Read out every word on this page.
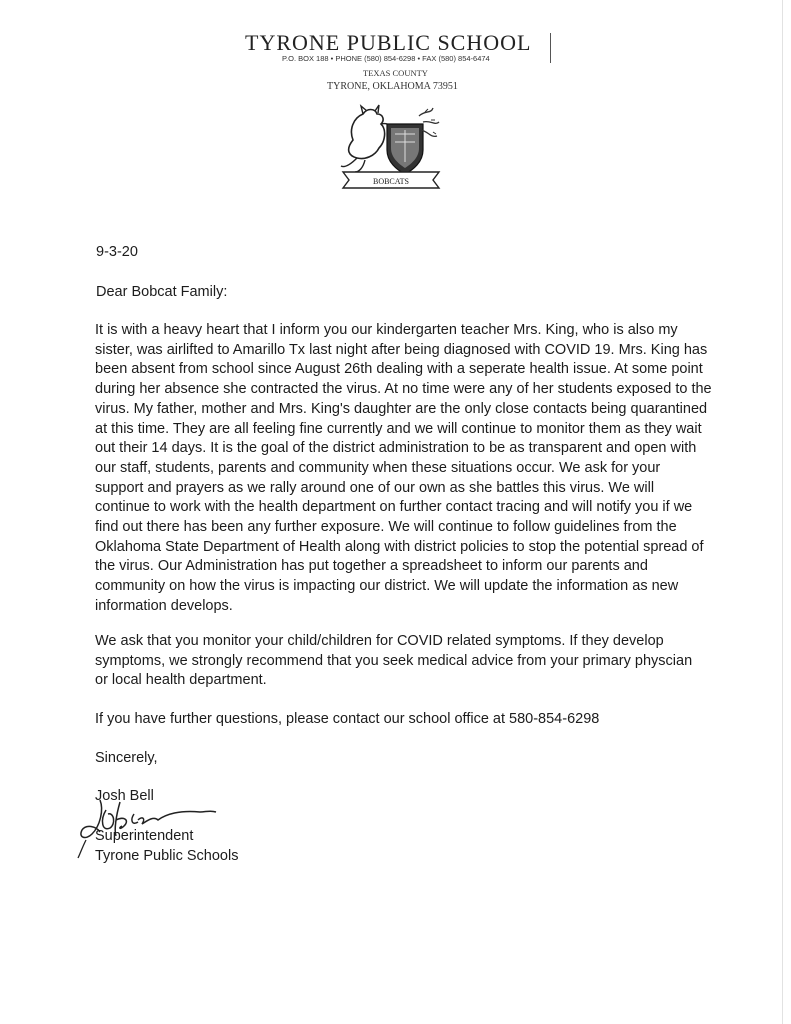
TYRONE PUBLIC SCHOOL
P.O. BOX 188 • PHONE (580) 854-6298 • FAX (580) 854-6474
TEXAS COUNTY
TYRONE, OKLAHOMA 73951
BOBCATS
9-3-20
Dear Bobcat Family:
It is with a heavy heart that I inform you our kindergarten teacher Mrs. King, who is also my
sister, was airlifted to Amarillo Tx last night after being diagnosed with COVID 19. Mrs. King has
been absent from school since August 26th dealing with a seperate health issue. At some point
during her absence she contracted the virus. At no time were any of her students exposed to the
virus. My father, mother and Mrs. King's daughter are the only close contacts being quarantined
at this time. They are all feeling fine currently and we will continue to monitor them as they wait
out their 14 days. It is the goal of the district administration to be as transparent and open with
our staff, students, parents and community when these situations occur. We ask for your
support and prayers as we rally around one of our own as she battles this virus. We will
continue to work with the health department on further contact tracing and will notify you if we
find out there has been any further exposure. We will continue to follow guidelines from the
Oklahoma State Department of Health along with district policies to stop the potential spread of
the virus. Our Administration has put together a spreadsheet to inform our parents and
community on how the virus is impacting our district. We will update the information as new
information develops.
We ask that you monitor your child/children for COVID related symptoms. If they develop
symptoms, we strongly recommend that you seek medical advice from your primary physcian
or local health department.
If you have further questions, please contact our school office at 580-854-6298
Sincerely,
Josh Bell
Superintendent
Tyrone Public Schools
